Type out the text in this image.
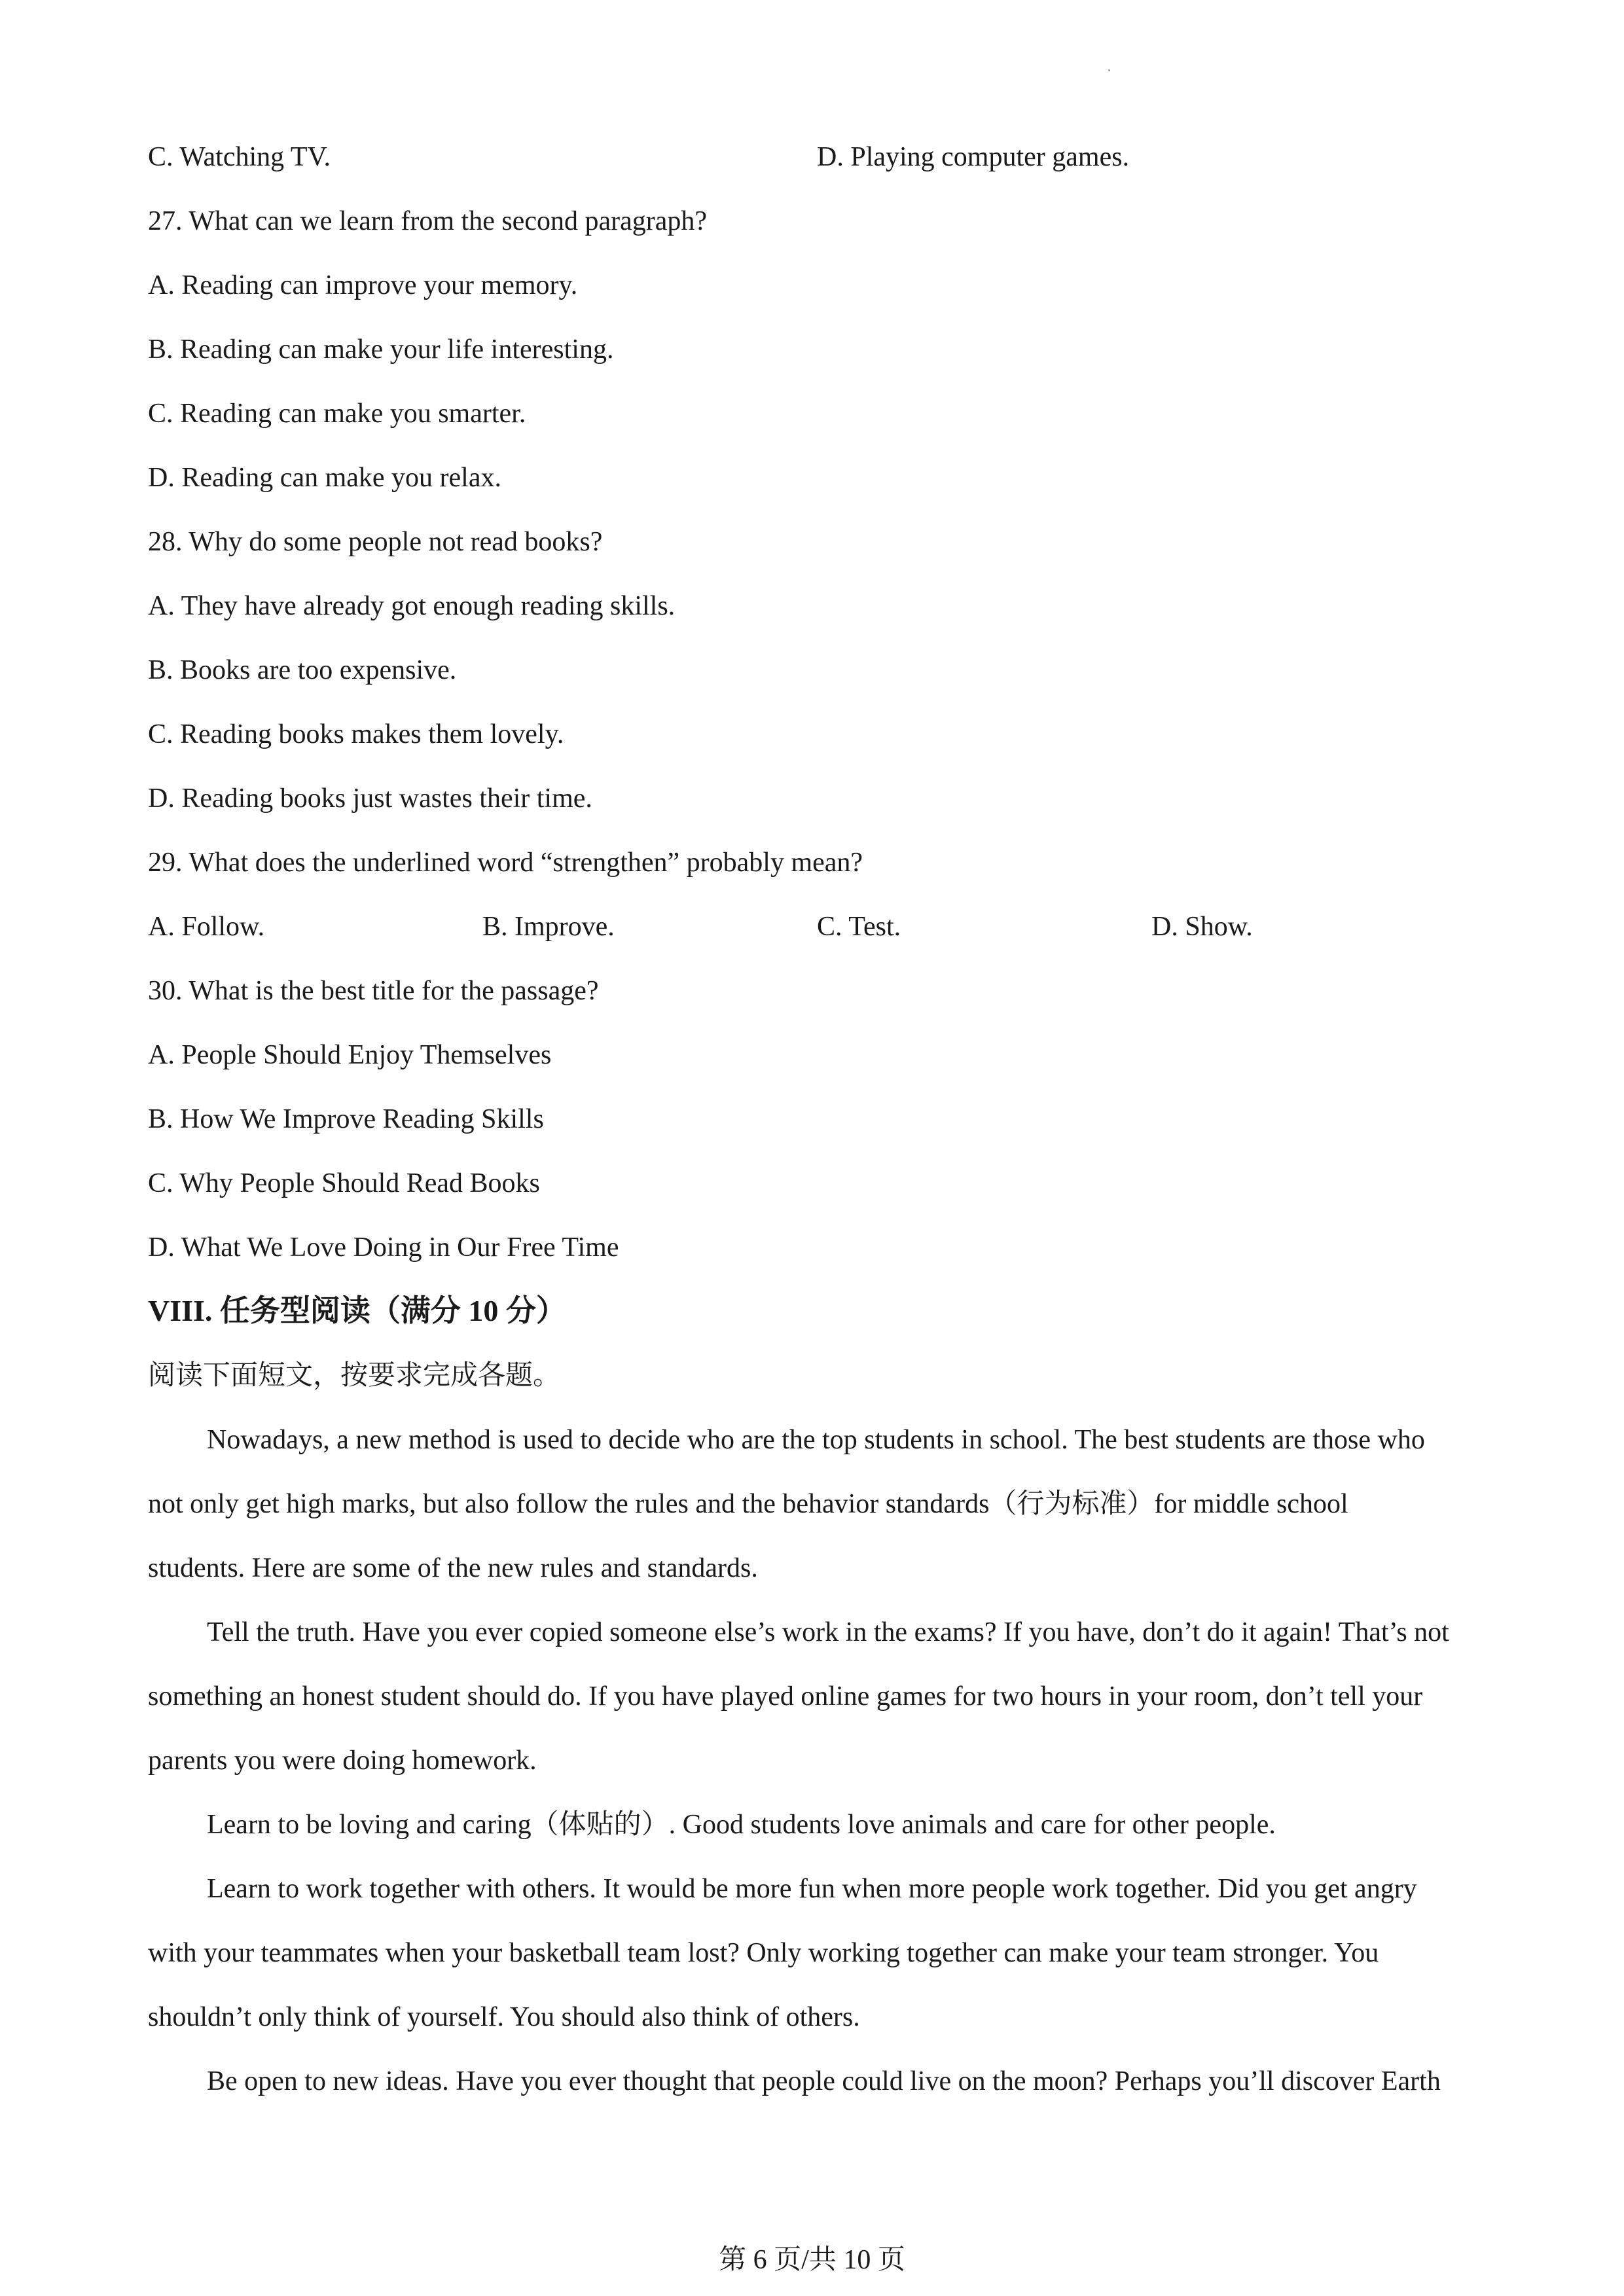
C. Watching TV.	D. Playing computer games.
27. What can we learn from the second paragraph?
A. Reading can improve your memory.
B. Reading can make your life interesting.
C. Reading can make you smarter.
D. Reading can make you relax.
28. Why do some people not read books?
A. They have already got enough reading skills.
B. Books are too expensive.
C. Reading books makes them lovely.
D. Reading books just wastes their time.
29. What does the underlined word “strengthen” probably mean?
A. Follow.	B. Improve.	C. Test.	D. Show.
30. What is the best title for the passage?
A. People Should Enjoy Themselves
B. How We Improve Reading Skills
C. Why People Should Read Books
D. What We Love Doing in Our Free Time
VIII. 任务型阅读（满分 10 分）
阅读下面短文，按要求完成各题。
Nowadays, a new method is used to decide who are the top students in school. The best students are those who
not only get high marks, but also follow the rules and the behavior standards（行为标准）for middle school
students. Here are some of the new rules and standards.
Tell the truth. Have you ever copied someone else’s work in the exams? If you have, don’t do it again! That’s not
something an honest student should do. If you have played online games for two hours in your room, don’t tell your
parents you were doing homework.
Learn to be loving and caring（体贴的）. Good students love animals and care for other people.
Learn to work together with others. It would be more fun when more people work together. Did you get angry
with your teammates when your basketball team lost? Only working together can make your team stronger. You
shouldn’t only think of yourself. You should also think of others.
Be open to new ideas. Have you ever thought that people could live on the moon? Perhaps you’ll discover Earth
第 6 页/共 10 页
